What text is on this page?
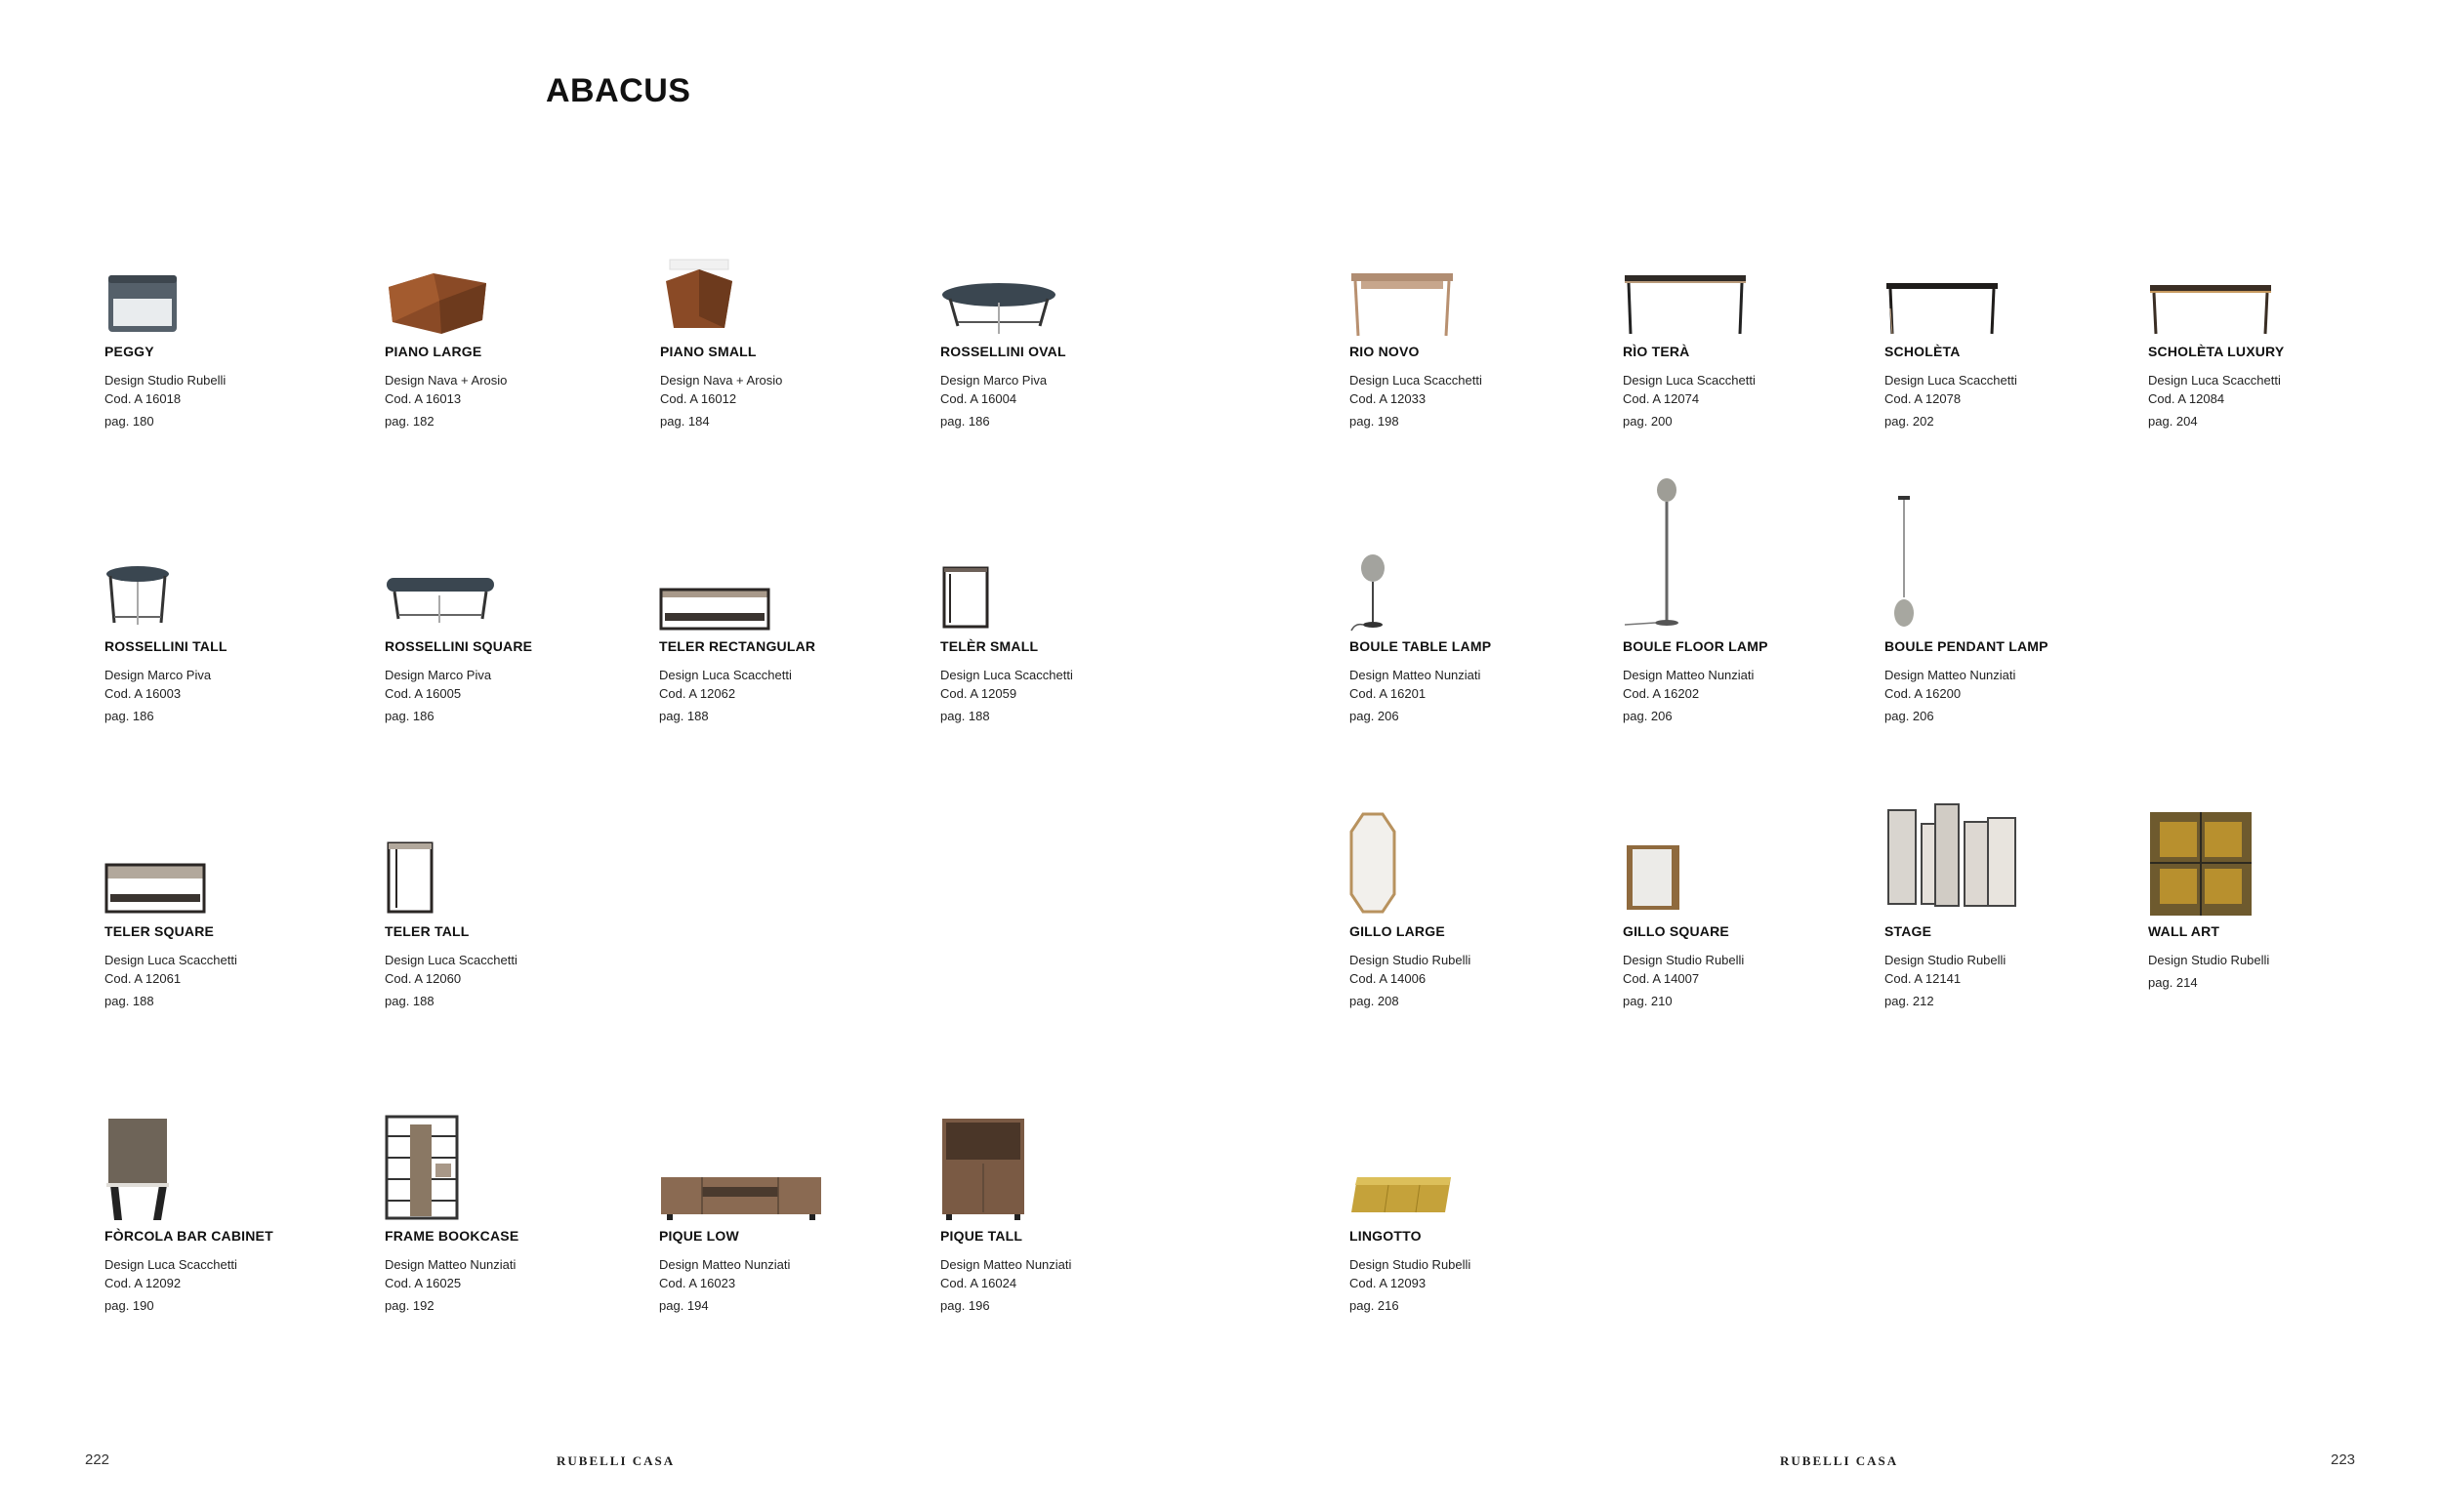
ABACUS
PEGGY
Design Studio Rubelli
Cod. A 16018
pag. 180
PIANO LARGE
Design Nava + Arosio
Cod. A 16013
pag. 182
PIANO SMALL
Design Nava + Arosio
Cod. A 16012
pag. 184
ROSSELLINI OVAL
Design Marco Piva
Cod. A 16004
pag. 186
RIO NOVO
Design Luca Scacchetti
Cod. A 12033
pag. 198
RÌO TERÀ
Design Luca Scacchetti
Cod. A 12074
pag. 200
SCHOLÈTA
Design Luca Scacchetti
Cod. A 12078
pag. 202
SCHOLÈTA LUXURY
Design Luca Scacchetti
Cod. A 12084
pag. 204
ROSSELLINI TALL
Design Marco Piva
Cod. A 16003
pag. 186
ROSSELLINI SQUARE
Design Marco Piva
Cod. A 16005
pag. 186
TELER RECTANGULAR
Design Luca Scacchetti
Cod. A 12062
pag. 188
TELÈR SMALL
Design Luca Scacchetti
Cod. A 12059
pag. 188
BOULE TABLE LAMP
Design Matteo Nunziati
Cod. A 16201
pag. 206
BOULE FLOOR LAMP
Design Matteo Nunziati
Cod. A 16202
pag. 206
BOULE PENDANT LAMP
Design Matteo Nunziati
Cod. A 16200
pag. 206
TELER SQUARE
Design Luca Scacchetti
Cod. A 12061
pag. 188
TELER TALL
Design Luca Scacchetti
Cod. A 12060
pag. 188
GILLO LARGE
Design Studio Rubelli
Cod. A 14006
pag. 208
GILLO SQUARE
Design Studio Rubelli
Cod. A 14007
pag. 210
STAGE
Design Studio Rubelli
Cod. A 12141
pag. 212
WALL ART
Design Studio Rubelli
pag. 214
FÒRCOLA BAR CABINET
Design Luca Scacchetti
Cod. A 12092
pag. 190
FRAME BOOKCASE
Design Matteo Nunziati
Cod. A 16025
pag. 192
PIQUE LOW
Design Matteo Nunziati
Cod. A 16023
pag. 194
PIQUE TALL
Design Matteo Nunziati
Cod. A 16024
pag. 196
LINGOTTO
Design Studio Rubelli
Cod. A 12093
pag. 216
222	RUBELLI CASA	RUBELLI CASA	223
